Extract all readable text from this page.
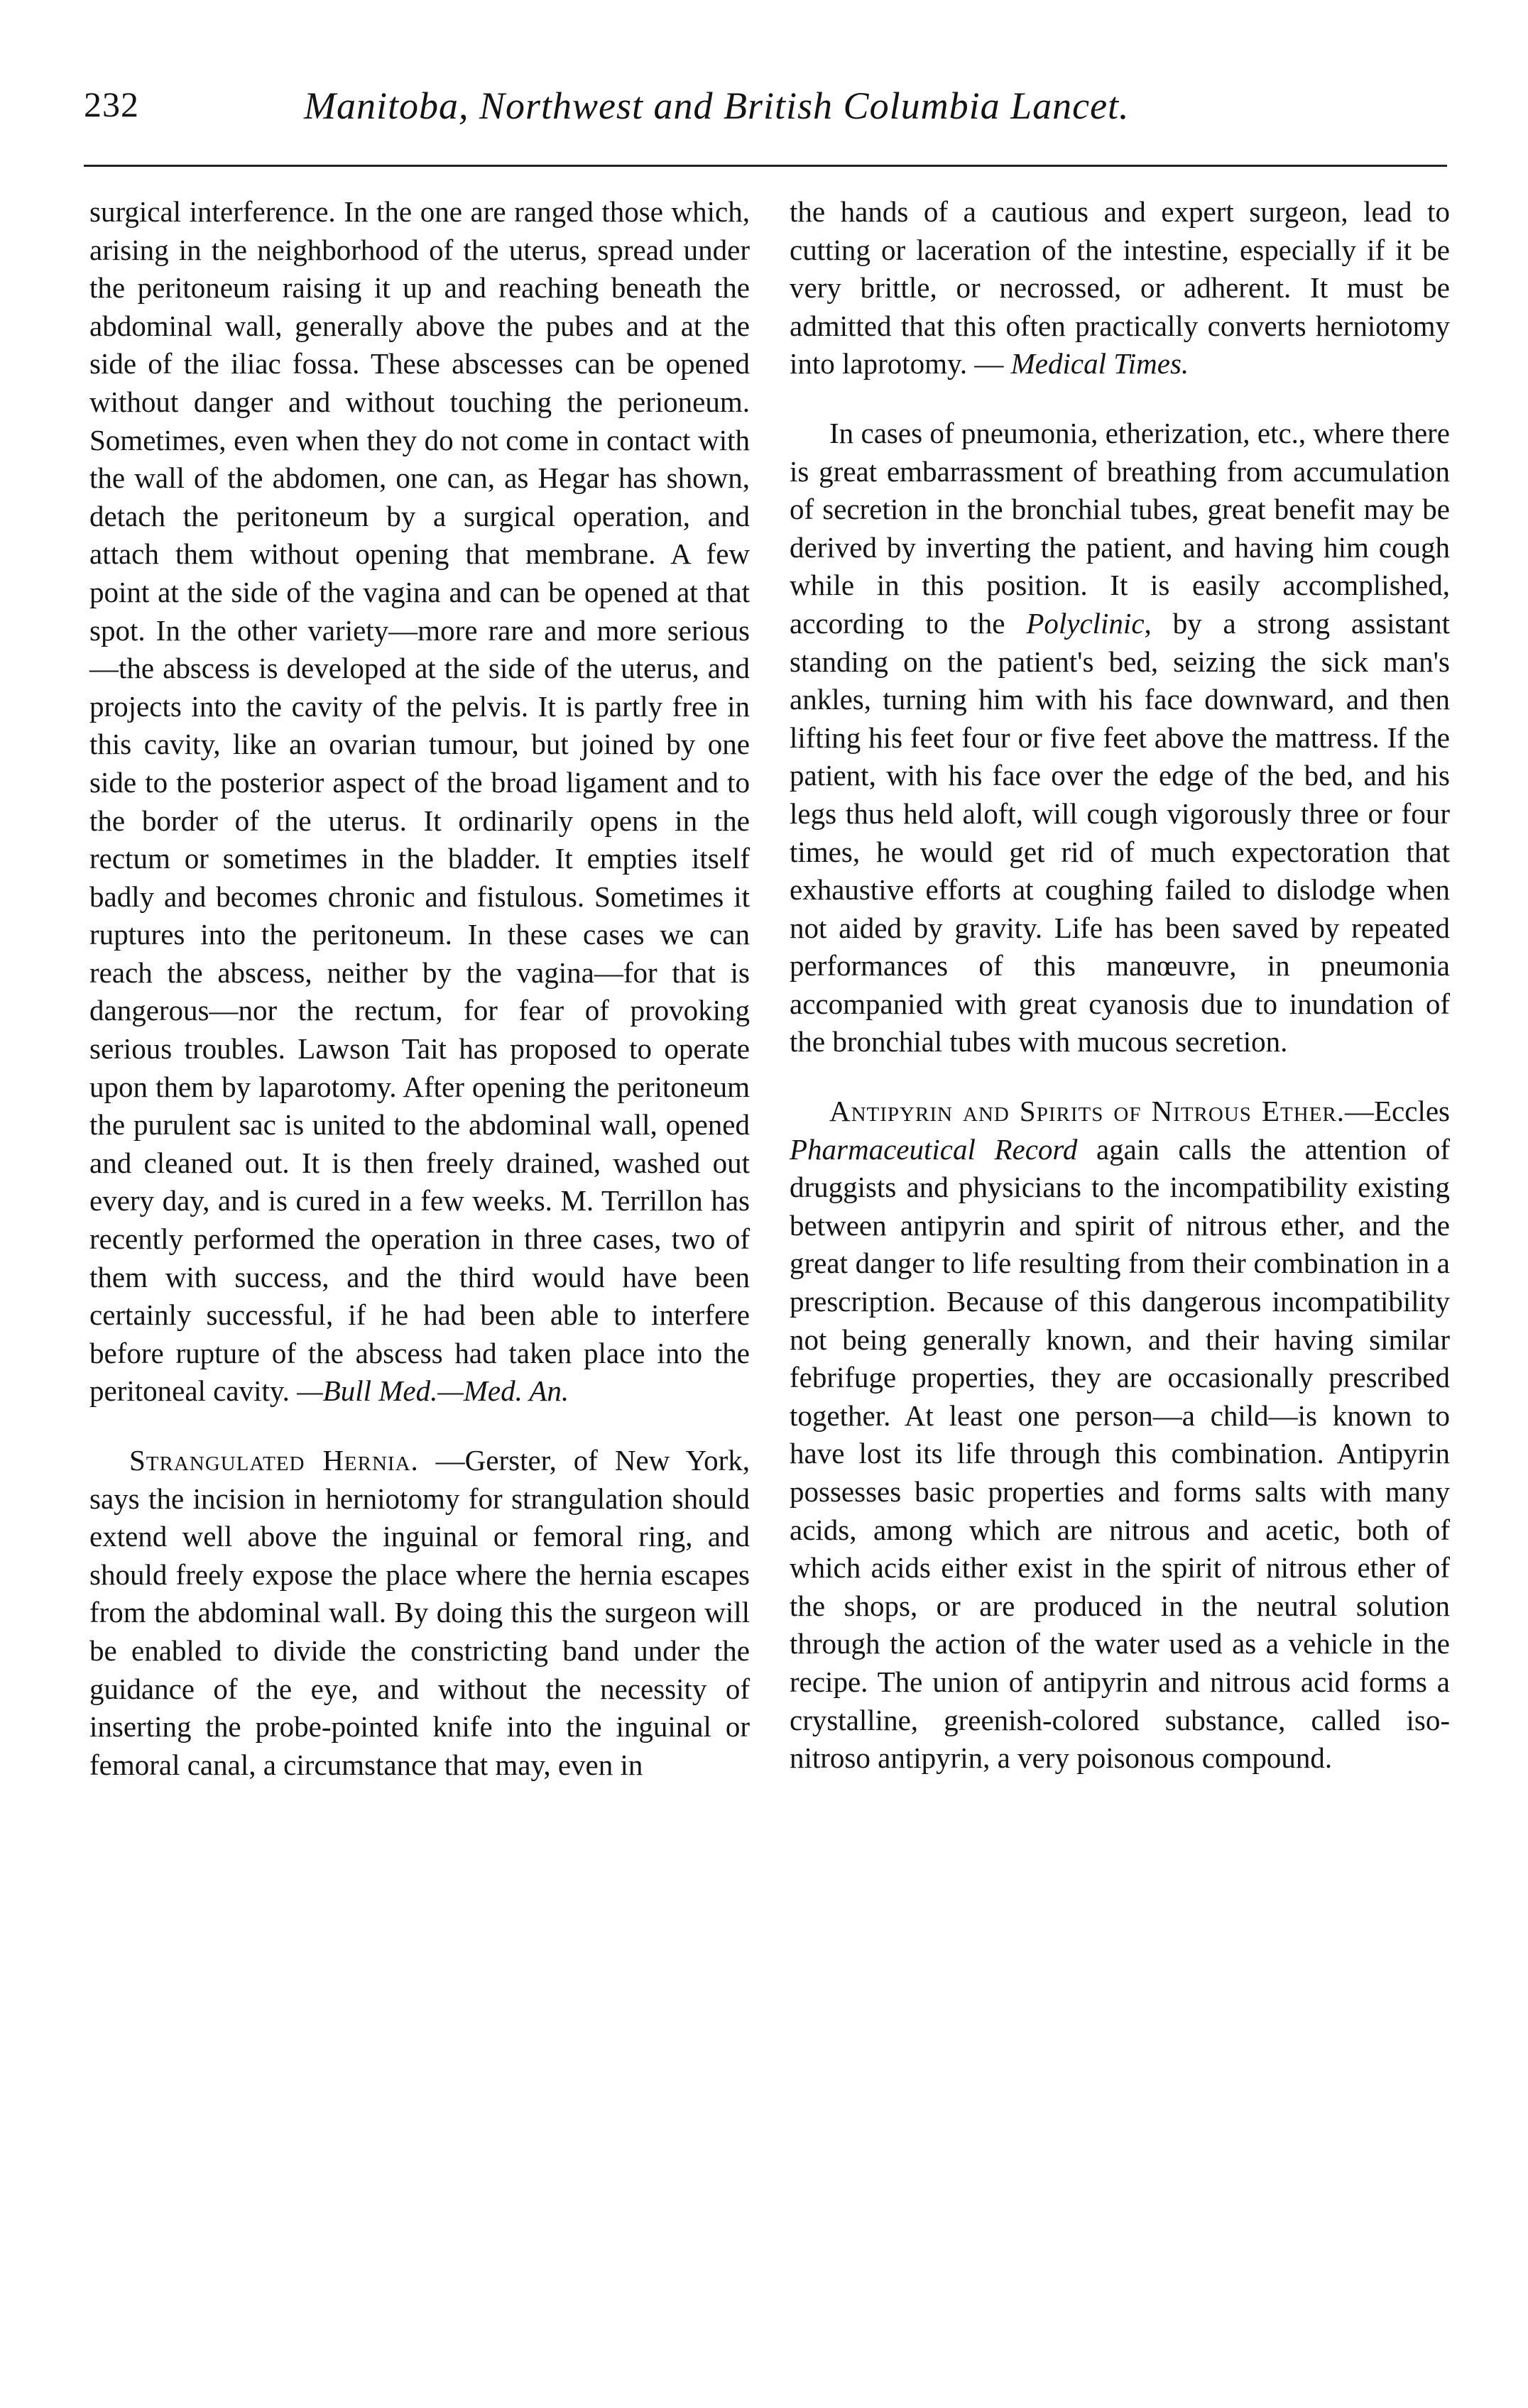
232	Manitoba, Northwest and British Columbia Lancet.

surgical interference. In the one are ranged those which, arising in the neighborhood of the uterus, spread under the peritoneum raising it up and reaching beneath the abdominal wall, generally above the pubes and at the side of the iliac fossa. These abscesses can be opened without danger and without touching the perioneum. Sometimes, even when they do not come in contact with the wall of the abdomen, one can, as Hegar has shown, detach the peritoneum by a surgical operation, and attach them without opening that membrane. A few point at the side of the vagina and can be opened at that spot. In the other variety—more rare and more serious—the abscess is developed at the side of the uterus, and projects into the cavity of the pelvis. It is partly free in this cavity, like an ovarian tumour, but joined by one side to the posterior aspect of the broad ligament and to the border of the uterus. It ordinarily opens in the rectum or sometimes in the bladder. It empties itself badly and becomes chronic and fistulous. Sometimes it ruptures into the peritoneum. In these cases we can reach the abscess, neither by the vagina—for that is dangerous—nor the rectum, for fear of provoking serious troubles. Lawson Tait has proposed to operate upon them by laparotomy. After opening the peritoneum the purulent sac is united to the abdominal wall, opened and cleaned out. It is then freely drained, washed out every day, and is cured in a few weeks. M. Terrillon has recently performed the operation in three cases, two of them with success, and the third would have been certainly successful, if he had been able to interfere before rupture of the abscess had taken place into the peritoneal cavity. —Bull Med.—Med. An.

Strangulated Hernia. —Gerster, of New York, says the incision in herniotomy for strangulation should extend well above the inguinal or femoral ring, and should freely expose the place where the hernia escapes from the abdominal wall. By doing this the surgeon will be enabled to divide the constricting band under the guidance of the eye, and without the necessity of inserting the probe-pointed knife into the inguinal or femoral canal, a circumstance that may, even in

the hands of a cautious and expert surgeon, lead to cutting or laceration of the intestine, especially if it be very brittle, or necrossed, or adherent. It must be admitted that this often practically converts herniotomy into laprotomy. — Medical Times.

In cases of pneumonia, etherization, etc., where there is great embarrassment of breathing from accumulation of secretion in the bronchial tubes, great benefit may be derived by inverting the patient, and having him cough while in this position. It is easily accomplished, according to the Polyclinic, by a strong assistant standing on the patient's bed, seizing the sick man's ankles, turning him with his face downward, and then lifting his feet four or five feet above the mattress. If the patient, with his face over the edge of the bed, and his legs thus held aloft, will cough vigorously three or four times, he would get rid of much expectoration that exhaustive efforts at coughing failed to dislodge when not aided by gravity. Life has been saved by repeated performances of this manœuvre, in pneumonia accompanied with great cyanosis due to inundation of the bronchial tubes with mucous secretion.

Antipyrin and Spirits of Nitrous Ether.—Eccles Pharmaceutical Record again calls the attention of druggists and physicians to the incompatibility existing between antipyrin and spirit of nitrous ether, and the great danger to life resulting from their combination in a prescription. Because of this dangerous incompatibility not being generally known, and their having similar febrifuge properties, they are occasionally prescribed together. At least one person—a child—is known to have lost its life through this combination. Antipyrin possesses basic properties and forms salts with many acids, among which are nitrous and acetic, both of which acids either exist in the spirit of nitrous ether of the shops, or are produced in the neutral solution through the action of the water used as a vehicle in the recipe. The union of antipyrin and nitrous acid forms a crystalline, greenish-colored substance, called iso-nitroso antipyrin, a very poisonous compound.
